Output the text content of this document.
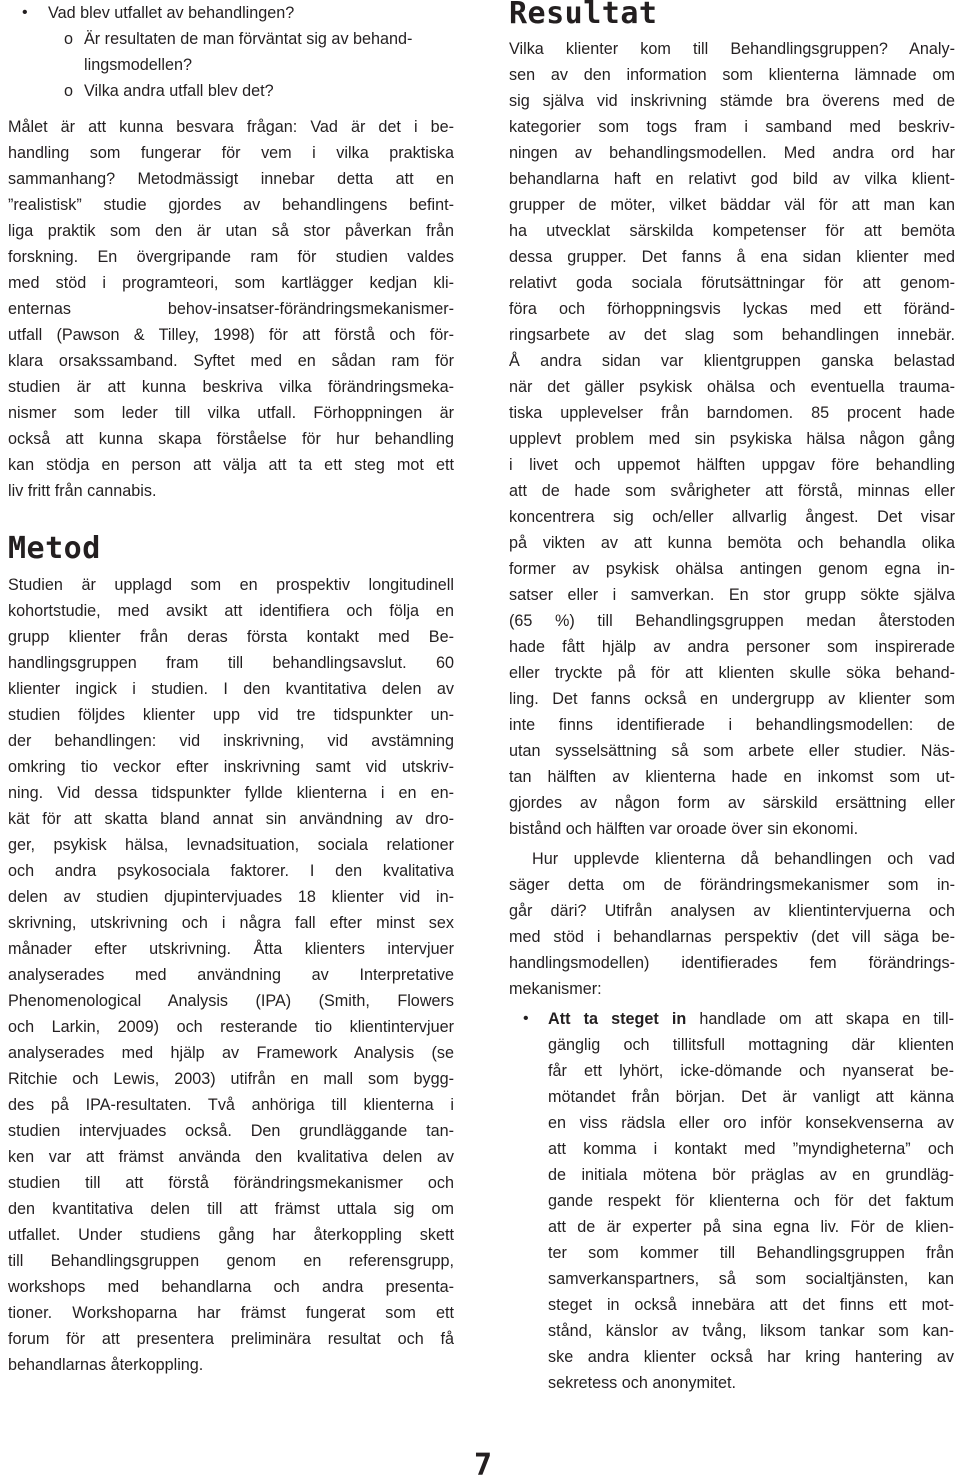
• Vad blev utfallet av behandlingen?
o Är resultaten de man förväntat sig av behand-
lingsmodellen?
o Vilka andra utfall blev det?
Målet är att kunna besvara frågan: Vad är det i be-
handling som fungerar för vem i vilka praktiska
sammanhang? Metodmässigt innebar detta att en
”realistisk” studie gjordes av behandlingens befint-
liga praktik som den är utan så stor påverkan från
forskning. En övergripande ram för studien valdes
med stöd i programteori, som kartlägger kedjan kli-
enternas behov-insatser-förändringsmekanismer-
utfall (Pawson & Tilley, 1998) för att förstå och för-
klara orsakssamband. Syftet med en sådan ram för
studien är att kunna beskriva vilka förändringsmeka-
nismer som leder till vilka utfall. Förhoppningen är
också att kunna skapa förståelse för hur behandling
kan stödja en person att välja att ta ett steg mot ett
liv fritt från cannabis.
Metod
Studien är upplagd som en prospektiv longitudinell
kohortstudie, med avsikt att identifiera och följa en
grupp klienter från deras första kontakt med Be-
handlingsgruppen fram till behandlingsavslut. 60
klienter ingick i studien. I den kvantitativa delen av
studien följdes klienter upp vid tre tidspunkter un-
der behandlingen: vid inskrivning, vid avstämning
omkring tio veckor efter inskrivning samt vid utskriv-
ning. Vid dessa tidspunkter fyllde klienterna i en en-
kät för att skatta bland annat sin användning av dro-
ger, psykisk hälsa, levnadsituation, sociala relationer
och andra psykosociala faktorer. I den kvalitativa
delen av studien djupintervjuades 18 klienter vid in-
skrivning, utskrivning och i några fall efter minst sex
månader efter utskrivning. Åtta klienters intervjuer
analyserades med användning av Interpretative
Phenomenological Analysis (IPA) (Smith, Flowers
och Larkin, 2009) och resterande tio klientintervjuer
analyserades med hjälp av Framework Analysis (se
Ritchie och Lewis, 2003) utifrån en mall som bygg-
des på IPA-resultaten. Två anhöriga till klienterna i
studien intervjuades också. Den grundläggande tan-
ken var att främst använda den kvalitativa delen av
studien till att förstå förändringsmekanismer och
den kvantitativa delen till att främst uttala sig om
utfallet. Under studiens gång har återkoppling skett
till Behandlingsgruppen genom en referensgrupp,
workshops med behandlarna och andra presenta-
tioner. Workshoparna har främst fungerat som ett
forum för att presentera preliminära resultat och få
behandlarnas återkoppling.
Resultat
Vilka klienter kom till Behandlingsgruppen? Analy-
sen av den information som klienterna lämnade om
sig själva vid inskrivning stämde bra överens med de
kategorier som togs fram i samband med beskriv-
ningen av behandlingsmodellen. Med andra ord har
behandlarna haft en relativt god bild av vilka klient-
grupper de möter, vilket bäddar väl för att man kan
ha utvecklat särskilda kompetenser för att bemöta
dessa grupper. Det fanns å ena sidan klienter med
relativt goda sociala förutsättningar för att genom-
föra och förhoppningsvis lyckas med ett föränd-
ringsarbete av det slag som behandlingen innebär.
Å andra sidan var klientgruppen ganska belastad
när det gäller psykisk ohälsa och eventuella trauma-
tiska upplevelser från barndomen. 85 procent hade
upplevt problem med sin psykiska hälsa någon gång
i livet och uppemot hälften uppgav före behandling
att de hade som svårigheter att förstå, minnas eller
koncentrera sig och/eller allvarlig ångest. Det visar
på vikten av att kunna bemöta och behandla olika
former av psykisk ohälsa antingen genom egna in-
satser eller i samverkan. En stor grupp sökte själva
(65 %) till Behandlingsgruppen medan återstoden
hade fått hjälp av andra personer som inspirerade
eller tryckte på för att klienten skulle söka behand-
ling. Det fanns också en undergrupp av klienter som
inte finns identifierade i behandlingsmodellen: de
utan sysselsättning så som arbete eller studier. Näs-
tan hälften av klienterna hade en inkomst som ut-
gjordes av någon form av särskild ersättning eller
bistånd och hälften var oroade över sin ekonomi.
Hur upplevde klienterna då behandlingen och vad
säger detta om de förändringsmekanismer som in-
går däri? Utifrån analysen av klientintervjuerna och
med stöd i behandlarnas perspektiv (det vill säga be-
handlingsmodellen) identifierades fem förändrings-
mekanismer:
• Att ta steget in handlade om att skapa en till-
gänglig och tillitsfull mottagning där klienten
får ett lyhört, icke-dömande och nyanserat be-
mötandet från början. Det är vanligt att känna
en viss rädsla eller oro inför konsekvenserna av
att komma i kontakt med ”myndigheterna” och
de initiala mötena bör präglas av en grundläg-
gande respekt för klienterna och för det faktum
att de är experter på sina egna liv. För de klien-
ter som kommer till Behandlingsgruppen från
samverkanspartners, så som socialtjänsten, kan
steget in också innebära att det finns ett mot-
stånd, känslor av tvång, liksom tankar som kan-
ske andra klienter också har kring hantering av
sekretess och anonymitet.
7
